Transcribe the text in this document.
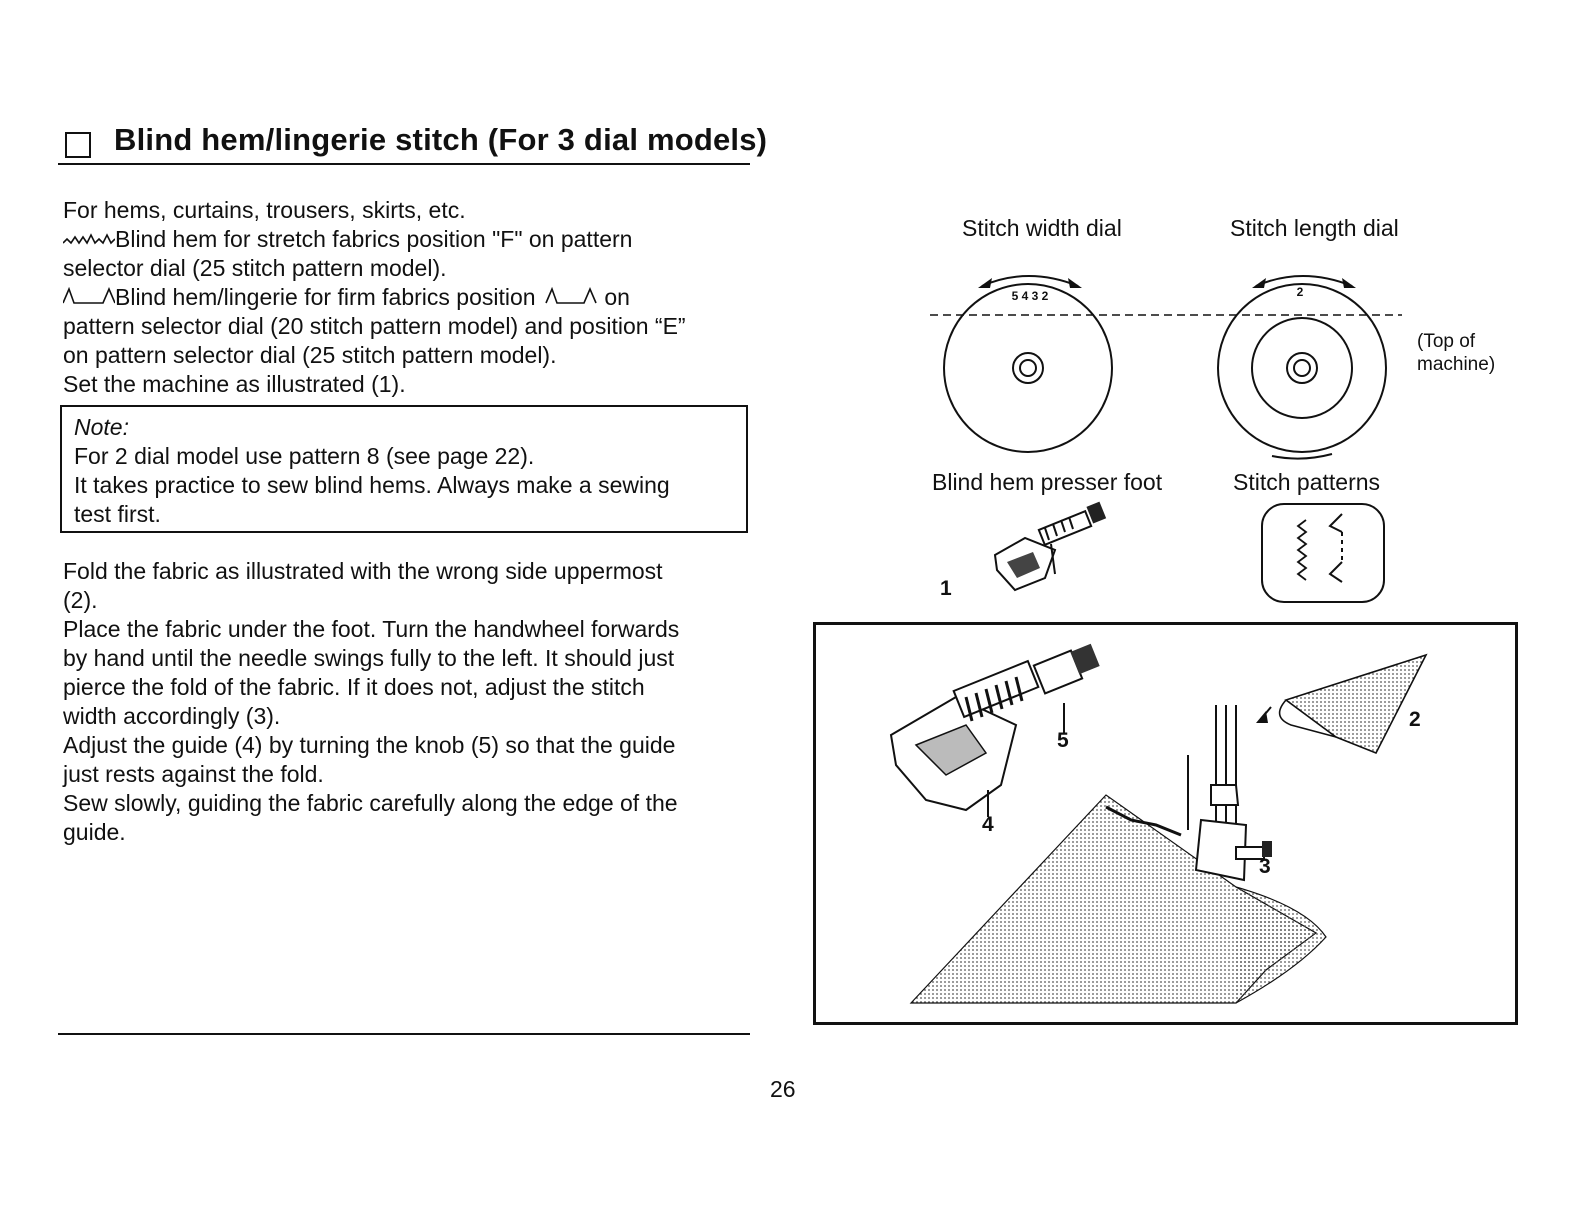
Blind hem/lingerie stitch (For 3 dial models)

For hems, curtains, trousers, skirts, etc.

Blind hem for stretch fabrics position "F" on pattern

selector dial (25 stitch pattern model).

Blind hem/lingerie for firm fabrics position	on

pattern selector dial (20 stitch pattern model) and position “E”

on pattern selector dial (25 stitch pattern model).

Set the machine as illustrated (1).

Note:
For 2 dial model use pattern 8 (see page 22).
It takes practice to sew blind hems. Always make a sewing
test first.
Fold the fabric as illustrated with the wrong side uppermost
(2).
Place the fabric under the foot. Turn the handwheel forwards
by hand until the needle swings fully to the left. It should just
pierce the fold of the fabric. If it does not, adjust the stitch
width accordingly (3).
Adjust the guide (4) by turning the knob (5) so that the guide
just rests against the fold.
Sew slowly, guiding the fabric carefully along the edge of the
guide.
26
Stitch width dial	Stitch length dial
(Top of
machine)
5 4 3 2	2
Blind hem presser foot	Stitch patterns
1
2
3
4
5
